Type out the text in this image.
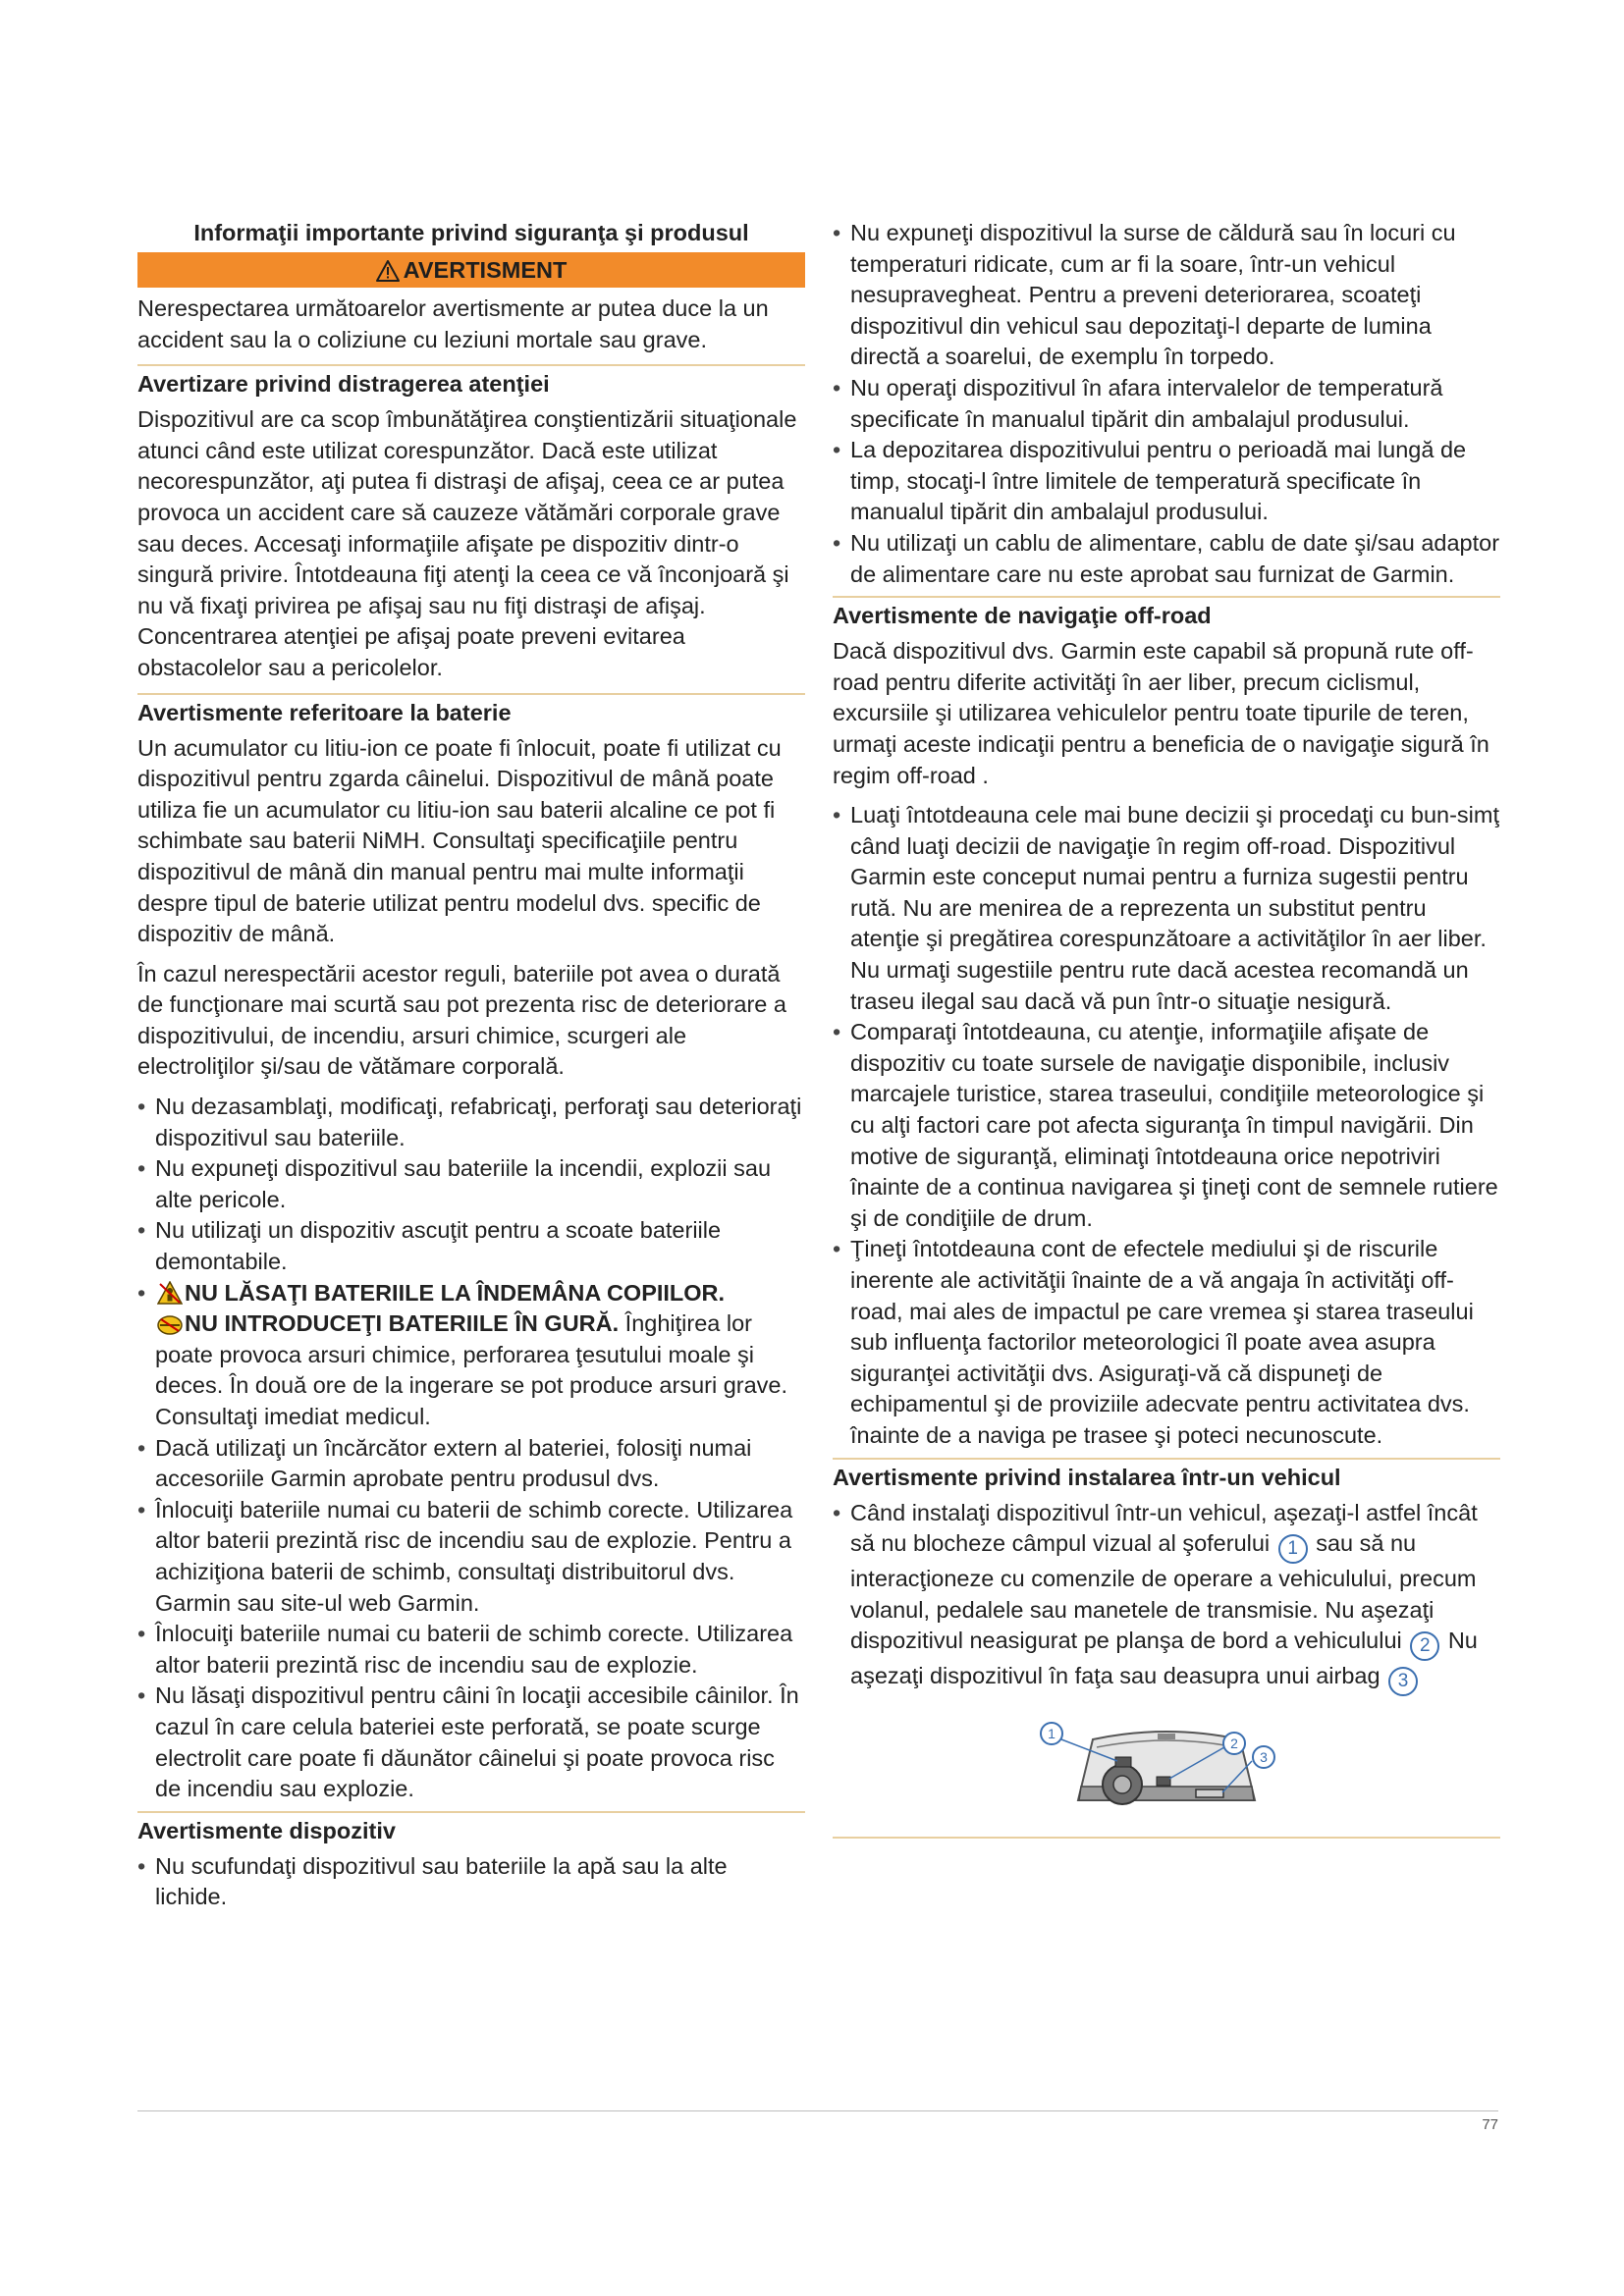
Informaţii importante privind siguranţa şi produsul
AVERTISMENT

Nerespectarea următoarelor avertismente ar putea duce la un accident sau la o coliziune cu leziuni mortale sau grave.

Avertizare privind distragerea atenţiei

Dispozitivul are ca scop îmbunătăţirea conştientizării situaţionale atunci când este utilizat corespunzător. Dacă este utilizat necorespunzător, aţi putea fi distraşi de afişaj, ceea ce ar putea provoca un accident care să cauzeze vătămări corporale grave sau deces. Accesaţi informaţiile afişate pe dispozitiv dintr-o singură privire. Întotdeauna fiţi atenţi la ceea ce vă înconjoară şi nu vă fixaţi privirea pe afişaj sau nu fiţi distraşi de afişaj. Concentrarea atenţiei pe afişaj poate preveni evitarea obstacolelor sau a pericolelor.

Avertismente referitoare la baterie

Un acumulator cu litiu-ion ce poate fi înlocuit, poate fi utilizat cu dispozitivul pentru zgarda câinelui. Dispozitivul de mână poate utiliza fie un acumulator cu litiu-ion sau baterii alcaline ce pot fi schimbate sau baterii NiMH. Consultaţi specificaţiile pentru dispozitivul de mână din manual pentru mai multe informaţii despre tipul de baterie utilizat pentru modelul dvs. specific de dispozitiv de mână.

În cazul nerespectării acestor reguli, bateriile pot avea o durată de funcţionare mai scurtă sau pot prezenta risc de deteriorare a dispozitivului, de incendiu, arsuri chimice, scurgeri ale electroliţilor şi/sau de vătămare corporală.

• Nu dezasamblaţi, modificaţi, refabricaţi, perforaţi sau deterioraţi dispozitivul sau bateriile.
• Nu expuneţi dispozitivul sau bateriile la incendii, explozii sau alte pericole.
• Nu utilizaţi un dispozitiv ascuţit pentru a scoate bateriile demontabile.
• NU LĂSAŢI BATERIILE LA ÎNDEMÂNA COPIILOR.
NU INTRODUCEŢI BATERIILE ÎN GURĂ. Înghiţirea lor poate provoca arsuri chimice, perforarea ţesutului moale şi deces. În două ore de la ingerare se pot produce arsuri grave. Consultaţi imediat medicul.
• Dacă utilizaţi un încărcător extern al bateriei, folosiţi numai accesoriile Garmin aprobate pentru produsul dvs.
• Înlocuiţi bateriile numai cu baterii de schimb corecte. Utilizarea altor baterii prezintă risc de incendiu sau de explozie. Pentru a achiziţiona baterii de schimb, consultaţi distribuitorul dvs. Garmin sau site-ul web Garmin.
• Înlocuiţi bateriile numai cu baterii de schimb corecte. Utilizarea altor baterii prezintă risc de incendiu sau de explozie.
• Nu lăsaţi dispozitivul pentru câini în locaţii accesibile câinilor. În cazul în care celula bateriei este perforată, se poate scurge electrolit care poate fi dăunător câinelui şi poate provoca risc de incendiu sau explozie.
Avertismente dispozitiv
• Nu scufundaţi dispozitivul sau bateriile la apă sau la alte lichide.
• Nu expuneţi dispozitivul la surse de căldură sau în locuri cu temperaturi ridicate, cum ar fi la soare, într-un vehicul nesupravegheat. Pentru a preveni deteriorarea, scoateţi dispozitivul din vehicul sau depozitaţi-l departe de lumina directă a soarelui, de exemplu în torpedo.
• Nu operaţi dispozitivul în afara intervalelor de temperatură specificate în manualul tipărit din ambalajul produsului.
• La depozitarea dispozitivului pentru o perioadă mai lungă de timp, stocaţi-l între limitele de temperatură specificate în manualul tipărit din ambalajul produsului.
• Nu utilizaţi un cablu de alimentare, cablu de date şi/sau adaptor de alimentare care nu este aprobat sau furnizat de Garmin.
Avertismente de navigaţie off-road

Dacă dispozitivul dvs. Garmin este capabil să propună rute off-road pentru diferite activităţi în aer liber, precum ciclismul, excursiile şi utilizarea vehiculelor pentru toate tipurile de teren, urmaţi aceste indicaţii pentru a beneficia de o navigaţie sigură în regim off-road .

• Luaţi întotdeauna cele mai bune decizii şi procedaţi cu bun-simţ când luaţi decizii de navigaţie în regim off-road. Dispozitivul Garmin este conceput numai pentru a furniza sugestii pentru rută. Nu are menirea de a reprezenta un substitut pentru atenţie şi pregătirea corespunzătoare a activităţilor în aer liber. Nu urmaţi sugestiile pentru rute dacă acestea recomandă un traseu ilegal sau dacă vă pun într-o situaţie nesigură.
• Comparaţi întotdeauna, cu atenţie, informaţiile afişate de dispozitiv cu toate sursele de navigaţie disponibile, inclusiv marcajele turistice, starea traseului, condiţiile meteorologice şi cu alţi factori care pot afecta siguranţa în timpul navigării. Din motive de siguranţă, eliminaţi întotdeauna orice nepotriviri înainte de a continua navigarea şi ţineţi cont de semnele rutiere şi de condiţiile de drum.
• Ţineţi întotdeauna cont de efectele mediului şi de riscurile inerente ale activităţii înainte de a vă angaja în activităţi off-road, mai ales de impactul pe care vremea şi starea traseului sub influenţa factorilor meteorologici îl poate avea asupra siguranţei activităţii dvs. Asiguraţi-vă că dispuneţi de echipamentul şi de proviziile adecvate pentru activitatea dvs. înainte de a naviga pe trasee şi poteci necunoscute.
Avertismente privind instalarea într-un vehicul
• Când instalaţi dispozitivul într-un vehicul, aşezaţi-l astfel încât să nu blocheze câmpul vizual al şoferului 1 sau să nu interacţioneze cu comenzile de operare a vehiculului, precum volanul, pedalele sau manetele de transmisie. Nu aşezaţi dispozitivul neasigurat pe planşa de bord a vehiculului 2 Nu aşezaţi dispozitivul în faţa sau deasupra unui airbag 3
1
2
3
77
